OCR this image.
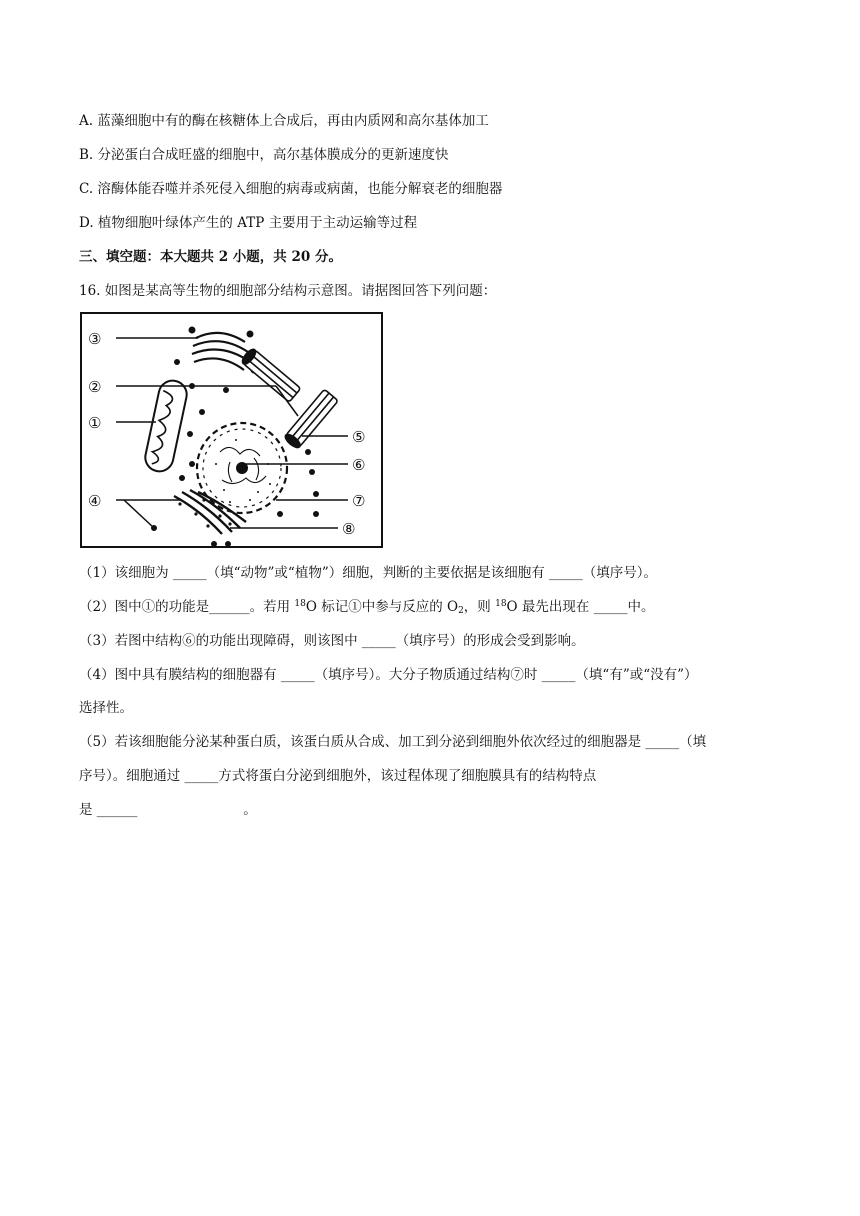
A. 蓝藻细胞中有的酶在核糖体上合成后，再由内质网和高尔基体加工
B. 分泌蛋白合成旺盛的细胞中，高尔基体膜成分的更新速度快
C. 溶酶体能吞噬并杀死侵入细胞的病毒或病菌，也能分解衰老的细胞器
D. 植物细胞叶绿体产生的 ATP 主要用于主动运输等过程
三、填空题：本大题共 2 小题，共 20 分。
16. 如图是某高等生物的细胞部分结构示意图。请据图回答下列问题：
③
②
①
④
⑤
⑥
⑦
⑧
（1）该细胞为 _____（填“动物”或“植物”）细胞，判断的主要依据是该细胞有 _____（填序号）。
（2）图中①的功能是______。若用 $^{18}$O 标记①中参与反应的 $O_2$，则 $^{18}$O 最先出现在 _____中。
（3）若图中结构⑥的功能出现障碍，则该图中 _____（填序号）的形成会受到影响。
（4）图中具有膜结构的细胞器有 _____（填序号）。大分子物质通过结构⑦时 _____（填“有”或“没有”）
选择性。
（5）若该细胞能分泌某种蛋白质，该蛋白质从合成、加工到分泌到细胞外依次经过的细胞器是 _____（填
序号）。细胞通过 _____方式将蛋白分泌到细胞外，该过程体现了细胞膜具有的结构特点
是 ______	。
